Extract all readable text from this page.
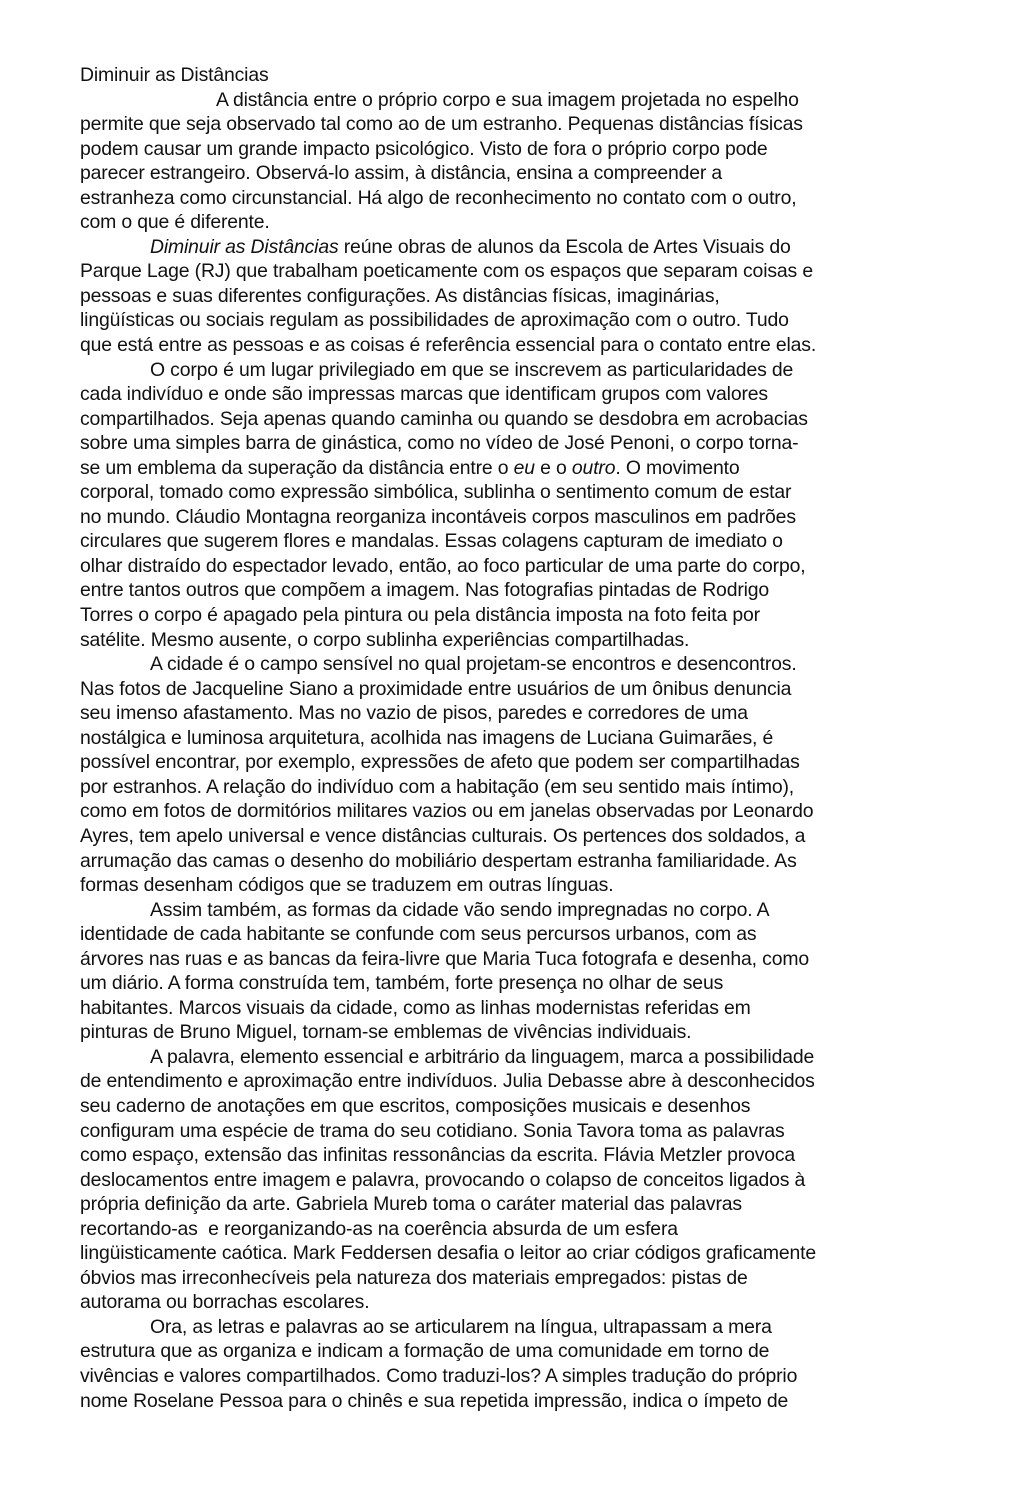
Diminuir as Distâncias
A distância entre o próprio corpo e sua imagem projetada no espelho
permite que seja observado tal como ao de um estranho. Pequenas distâncias físicas
podem causar um grande impacto psicológico. Visto de fora o próprio corpo pode
parecer estrangeiro. Observá-lo assim, à distância, ensina a compreender a
estranheza como circunstancial. Há algo de reconhecimento no contato com o outro,
com o que é diferente.
Diminuir as Distâncias reúne obras de alunos da Escola de Artes Visuais do
Parque Lage (RJ) que trabalham poeticamente com os espaços que separam coisas e
pessoas e suas diferentes configurações. As distâncias físicas, imaginárias,
lingüísticas ou sociais regulam as possibilidades de aproximação com o outro. Tudo
que está entre as pessoas e as coisas é referência essencial para o contato entre elas.
O corpo é um lugar privilegiado em que se inscrevem as particularidades de
cada indivíduo e onde são impressas marcas que identificam grupos com valores
compartilhados. Seja apenas quando caminha ou quando se desdobra em acrobacias
sobre uma simples barra de ginástica, como no vídeo de José Penoni, o corpo torna-
se um emblema da superação da distância entre o eu e o outro. O movimento
corporal, tomado como expressão simbólica, sublinha o sentimento comum de estar
no mundo. Cláudio Montagna reorganiza incontáveis corpos masculinos em padrões
circulares que sugerem flores e mandalas. Essas colagens capturam de imediato o
olhar distraído do espectador levado, então, ao foco particular de uma parte do corpo,
entre tantos outros que compõem a imagem. Nas fotografias pintadas de Rodrigo
Torres o corpo é apagado pela pintura ou pela distância imposta na foto feita por
satélite. Mesmo ausente, o corpo sublinha experiências compartilhadas.
A cidade é o campo sensível no qual projetam-se encontros e desencontros.
Nas fotos de Jacqueline Siano a proximidade entre usuários de um ônibus denuncia
seu imenso afastamento. Mas no vazio de pisos, paredes e corredores de uma
nostálgica e luminosa arquitetura, acolhida nas imagens de Luciana Guimarães, é
possível encontrar, por exemplo, expressões de afeto que podem ser compartilhadas
por estranhos. A relação do indivíduo com a habitação (em seu sentido mais íntimo),
como em fotos de dormitórios militares vazios ou em janelas observadas por Leonardo
Ayres, tem apelo universal e vence distâncias culturais. Os pertences dos soldados, a
arrumação das camas o desenho do mobiliário despertam estranha familiaridade. As
formas desenham códigos que se traduzem em outras línguas.
Assim também, as formas da cidade vão sendo impregnadas no corpo. A
identidade de cada habitante se confunde com seus percursos urbanos, com as
árvores nas ruas e as bancas da feira-livre que Maria Tuca fotografa e desenha, como
um diário. A forma construída tem, também, forte presença no olhar de seus
habitantes. Marcos visuais da cidade, como as linhas modernistas referidas em
pinturas de Bruno Miguel, tornam-se emblemas de vivências individuais.
A palavra, elemento essencial e arbitrário da linguagem, marca a possibilidade
de entendimento e aproximação entre indivíduos. Julia Debasse abre à desconhecidos
seu caderno de anotações em que escritos, composições musicais e desenhos
configuram uma espécie de trama do seu cotidiano. Sonia Tavora toma as palavras
como espaço, extensão das infinitas ressonâncias da escrita. Flávia Metzler provoca
deslocamentos entre imagem e palavra, provocando o colapso de conceitos ligados à
própria definição da arte. Gabriela Mureb toma o caráter material das palavras
recortando-as  e reorganizando-as na coerência absurda de um esfera
lingüisticamente caótica. Mark Feddersen desafia o leitor ao criar códigos graficamente
óbvios mas irreconhecíveis pela natureza dos materiais empregados: pistas de
autorama ou borrachas escolares.
Ora, as letras e palavras ao se articularem na língua, ultrapassam a mera
estrutura que as organiza e indicam a formação de uma comunidade em torno de
vivências e valores compartilhados. Como traduzi-los? A simples tradução do próprio
nome Roselane Pessoa para o chinês e sua repetida impressão, indica o ímpeto de
